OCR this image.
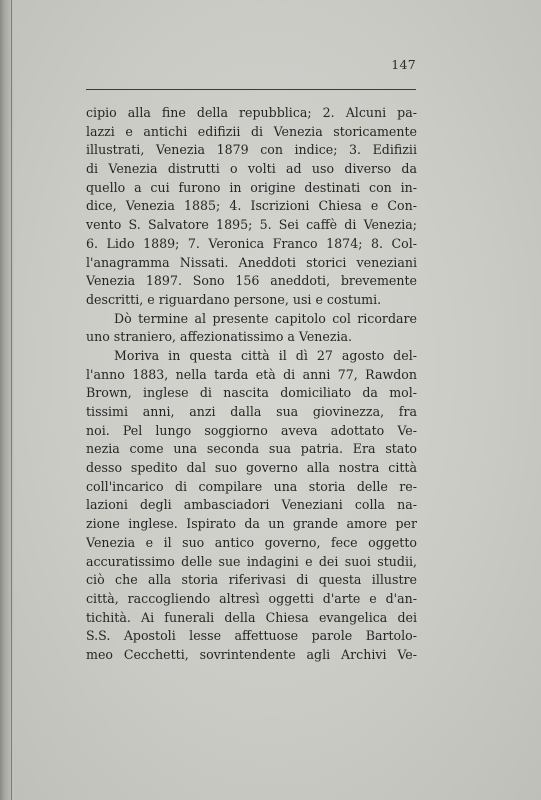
147
cipio alla fine della repubblica; 2. Alcuni pa-
lazzi e antichi edifizii di Venezia storicamente
illustrati, Venezia 1879 con indice; 3. Edifizii
di Venezia distrutti o volti ad uso diverso da
quello a cui furono in origine destinati con in-
dice, Venezia 1885; 4. Iscrizioni Chiesa e Con-
vento S. Salvatore 1895; 5. Sei caffè di Venezia;
6. Lido 1889; 7. Veronica Franco 1874; 8. Col-
l'anagramma Nissati. Aneddoti storici veneziani
Venezia 1897. Sono 156 aneddoti, brevemente
descritti, e riguardano persone, usi e costumi.
Dò termine al presente capitolo col ricordare
uno straniero, affezionatissimo a Venezia.
Moriva in questa città il dì 27 agosto del-
l'anno 1883, nella tarda età di anni 77, Rawdon
Brown, inglese di nascita domiciliato da mol-
tissimi anni, anzi dalla sua giovinezza, fra
noi. Pel lungo soggiorno aveva adottato Ve-
nezia come una seconda sua patria. Era stato
desso spedito dal suo governo alla nostra città
coll'incarico di compilare una storia delle re-
lazioni degli ambasciadori Veneziani colla na-
zione inglese. Ispirato da un grande amore per
Venezia e il suo antico governo, fece oggetto
accuratissimo delle sue indagini e dei suoi studii,
ciò che alla storia riferivasi di questa illustre
città, raccogliendo altresì oggetti d'arte e d'an-
tichità. Ai funerali della Chiesa evangelica dei
S.S. Apostoli lesse affettuose parole Bartolo-
meo Cecchetti, sovrintendente agli Archivi Ve-
